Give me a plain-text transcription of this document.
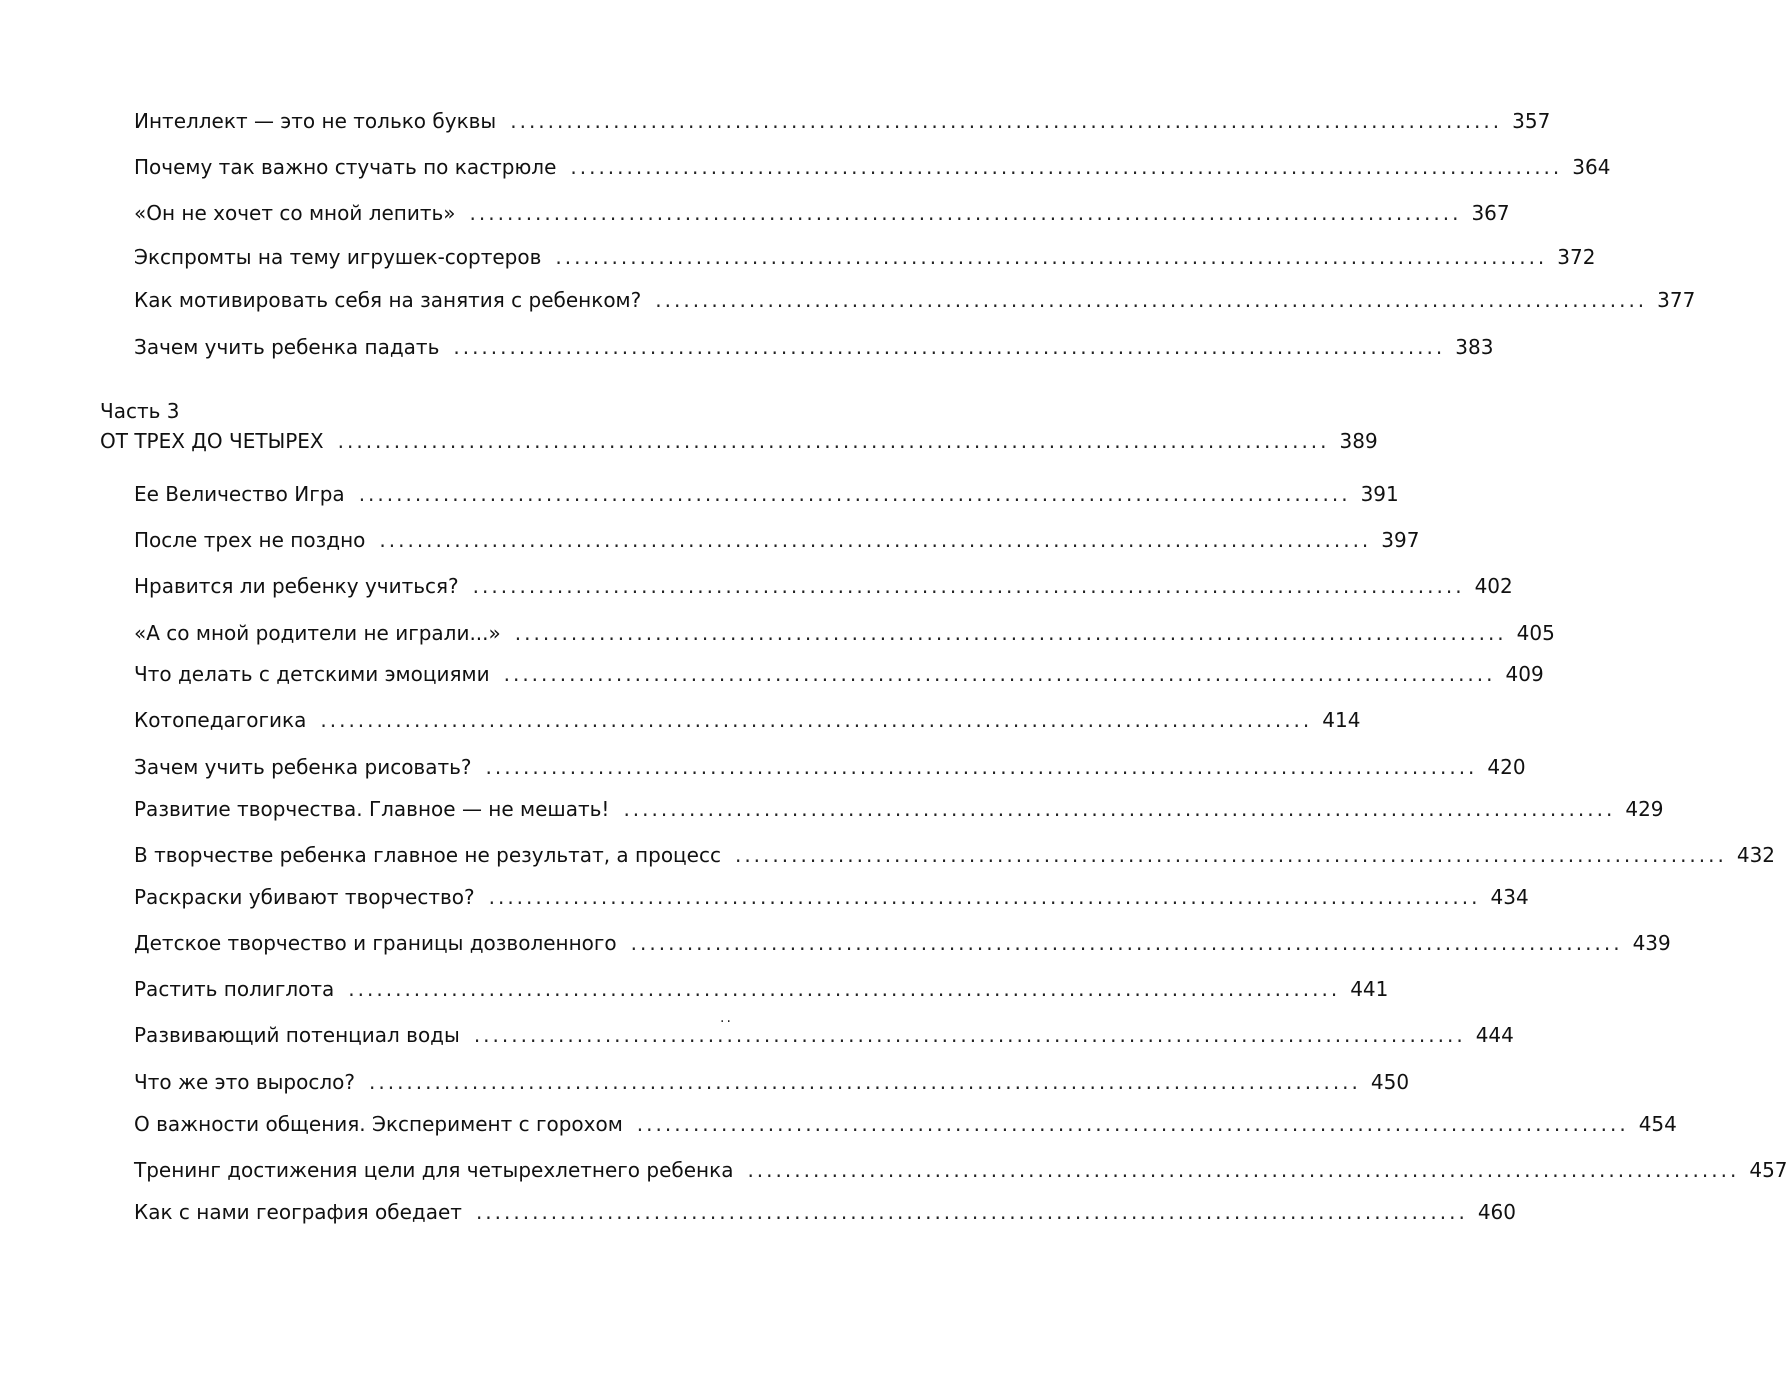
Интеллект — это не только буквы .......................................................................................................... 357
Почему так важно стучать по кастрюле .......................................................................................................... 364
«Он не хочет со мной лепить» .......................................................................................................... 367
Экспромты на тему игрушек-сортеров .......................................................................................................... 372
Как мотивировать себя на занятия с ребенком? .......................................................................................................... 377
Зачем учить ребенка падать .......................................................................................................... 383
Часть 3
ОТ ТРЕХ ДО ЧЕТЫРЕХ .......................................................................................................... 389
Ее Величество Игра .......................................................................................................... 391
После трех не поздно .......................................................................................................... 397
Нравится ли ребенку учиться? .......................................................................................................... 402
«А со мной родители не играли...» .......................................................................................................... 405
Что делать с детскими эмоциями .......................................................................................................... 409
Котопедагогика .......................................................................................................... 414
Зачем учить ребенка рисовать? .......................................................................................................... 420
Развитие творчества. Главное — не мешать! .......................................................................................................... 429
В творчестве ребенка главное не результат, а процесс .......................................................................................................... 432
Раскраски убивают творчество? .......................................................................................................... 434
Детское творчество и границы дозволенного .......................................................................................................... 439
Растить полиглота .......................................................................................................... 441
..
Развивающий потенциал воды .......................................................................................................... 444
Что же это выросло? .......................................................................................................... 450
О важности общения. Эксперимент с горохом .......................................................................................................... 454
Тренинг достижения цели для четырехлетнего ребенка .......................................................................................................... 457
Как с нами география обедает .......................................................................................................... 460
